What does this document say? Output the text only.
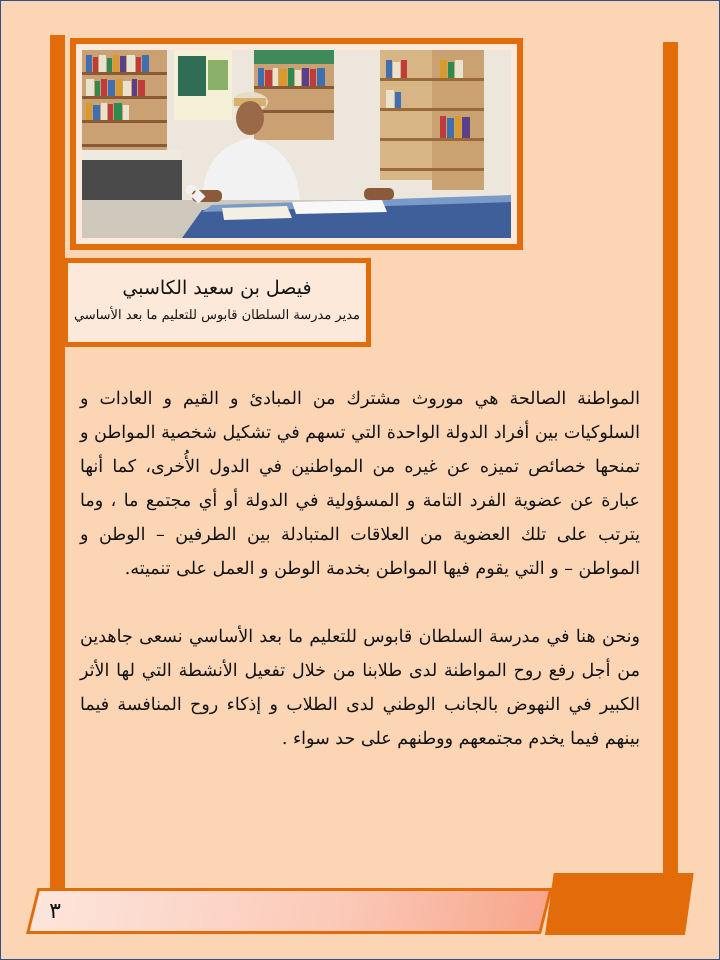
فيصل بن سعيد الكاسبي
مدير مدرسة السلطان قابوس للتعليم ما بعد الأساسي

المواطنة الصالحة هي موروث مشترك من المبادئ و القيم و العادات و السلوكيات بين أفراد الدولة الواحدة التي تسهم في تشكيل شخصية المواطن و تمنحها خصائص تميزه عن غيره من المواطنين في الدول الأُخرى، كما أنها عبارة عن عضوية الفرد التامة و المسؤولية في الدولة أو أي مجتمع ما ، وما يترتب على تلك العضوية من العلاقات المتبادلة بين الطرفين – الوطن و المواطن – و التي يقوم فيها المواطن بخدمة الوطن و العمل على تنميته.

ونحن هنا في مدرسة السلطان قابوس للتعليم ما بعد الأساسي نسعى جاهدين من أجل رفع روح المواطنة لدى طلابنا من خلال تفعيل الأنشطة التي لها الأثر الكبير في النهوض بالجانب الوطني لدى الطلاب و إذكاء روح المنافسة فيما بينهم فيما يخدم مجتمعهم ووطنهم على حد سواء .

٣
